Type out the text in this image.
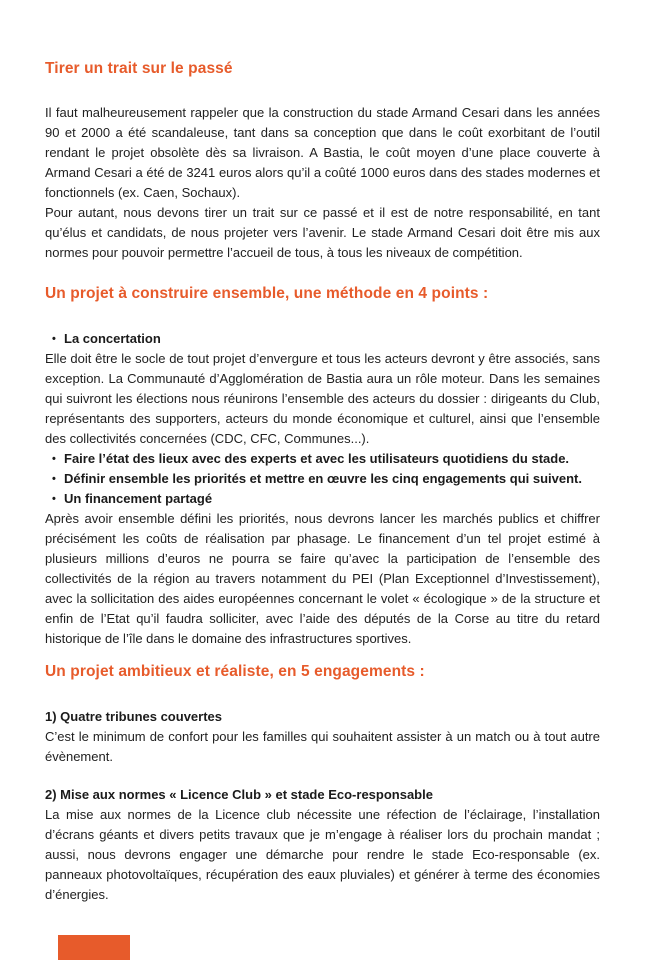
Tirer un trait sur le passé

Il faut malheureusement rappeler que la construction du stade Armand Cesari dans les années 90 et 2000 a été scandaleuse, tant dans sa conception que dans le coût exorbitant de l’outil rendant le projet obsolète dès sa livraison. A Bastia, le coût moyen d’une place couverte à Armand Cesari a été de 3241 euros alors qu’il a coûté 1000 euros dans des stades modernes et fonctionnels (ex. Caen, Sochaux).

Pour autant, nous devons tirer un trait sur ce passé et il est de notre responsabilité, en tant qu’élus et candidats, de nous projeter vers l’avenir. Le stade Armand Cesari doit être mis aux normes pour pouvoir permettre l’accueil de tous, à tous les niveaux de compétition.

Un projet à construire ensemble, une méthode en 4 points :
• La concertation

Elle doit être le socle de tout projet d’envergure et tous les acteurs devront y être associés, sans exception. La Communauté d’Agglomération de Bastia aura un rôle moteur. Dans les semaines qui suivront les élections nous réunirons l’ensemble des acteurs du dossier : dirigeants du Club, représentants des supporters, acteurs du monde économique et culturel, ainsi que l’ensemble des collectivités concernées (CDC, CFC, Communes...).

• Faire l’état des lieux avec des experts et avec les utilisateurs quotidiens du stade.
• Définir ensemble les priorités et mettre en œuvre les cinq engagements qui suivent.
• Un financement partagé

Après avoir ensemble défini les priorités, nous devrons lancer les marchés publics et chiffrer précisément les coûts de réalisation par phasage. Le financement d’un tel projet estimé à plusieurs millions d’euros ne pourra se faire qu’avec la participation de l’ensemble des collectivités de la région au travers notamment du PEI (Plan Exceptionnel d’Investissement), avec la sollicitation des aides européennes concernant le volet « écologique » de la structure et enfin de l’Etat qu’il faudra solliciter, avec l’aide des députés de la Corse au titre du retard historique de l’île dans le domaine des infrastructures sportives.

Un projet ambitieux et réaliste, en 5 engagements :

1) Quatre tribunes couvertes

C’est le minimum de confort pour les familles qui souhaitent assister à un match ou à tout autre évènement.

2) Mise aux normes « Licence Club » et stade Eco-responsable

La mise aux normes de la Licence club nécessite une réfection de l’éclairage, l’installation d’écrans géants et divers petits travaux que je m’engage à réaliser lors du prochain mandat ; aussi, nous devrons engager une démarche pour rendre le stade Eco-responsable (ex. panneaux photovoltaïques, récupération des eaux pluviales) et générer à terme des économies d’énergies.
